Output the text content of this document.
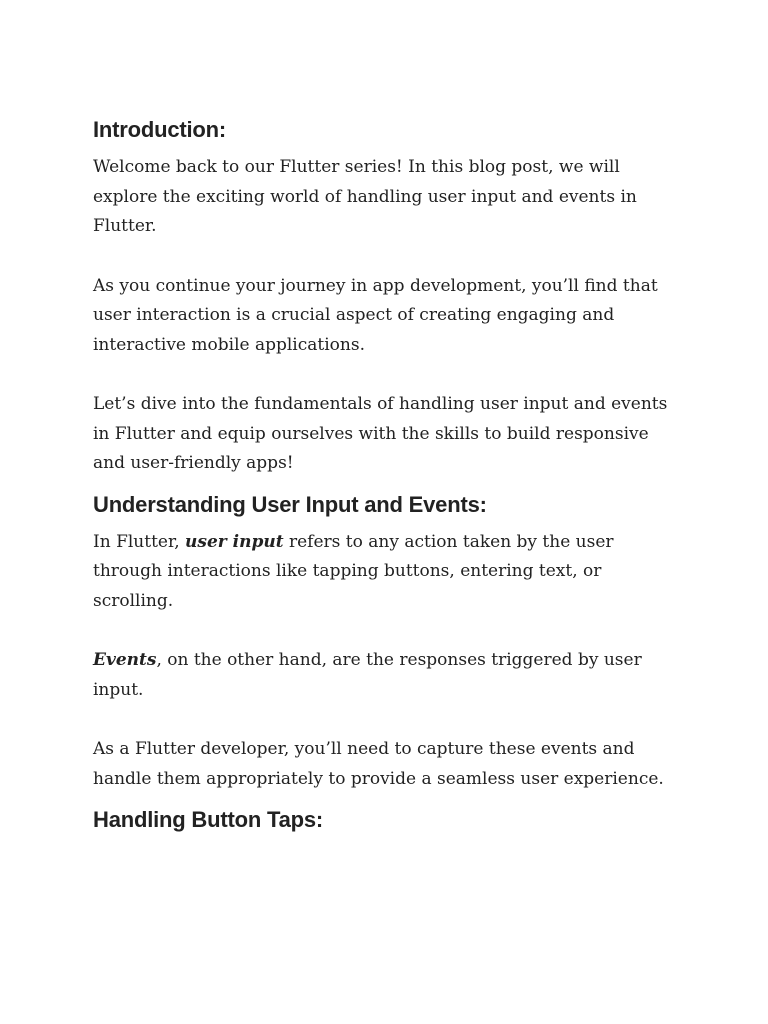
Introduction:

Welcome back to our Flutter series! In this blog post, we will explore the exciting world of handling user input and events in Flutter.

As you continue your journey in app development, you’ll find that user interaction is a crucial aspect of creating engaging and interactive mobile applications.

Let’s dive into the fundamentals of handling user input and events in Flutter and equip ourselves with the skills to build responsive and user-friendly apps!

Understanding User Input and Events:

In Flutter, user input refers to any action taken by the user through interactions like tapping buttons, entering text, or scrolling.

Events, on the other hand, are the responses triggered by user input.

As a Flutter developer, you’ll need to capture these events and handle them appropriately to provide a seamless user experience.

Handling Button Taps:
